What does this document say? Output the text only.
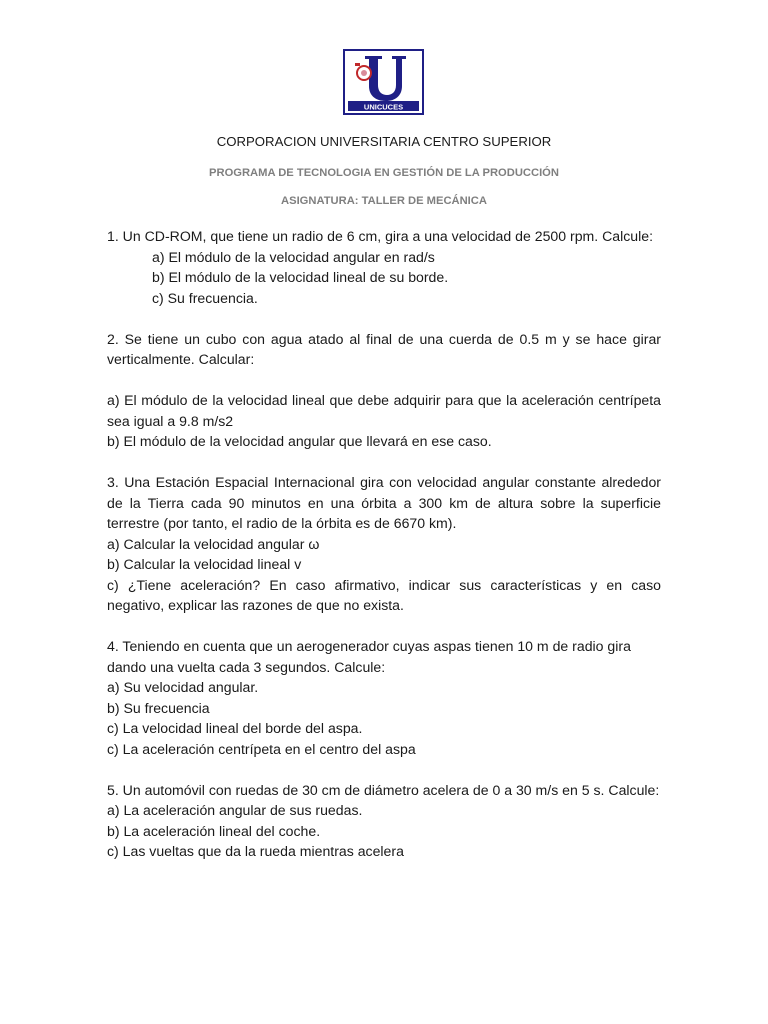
UNICUCES
CORPORACION UNIVERSITARIA CENTRO SUPERIOR
PROGRAMA DE TECNOLOGIA EN GESTIÓN DE LA PRODUCCIÓN
ASIGNATURA: TALLER DE MECÁNICA

1. Un CD-ROM, que tiene un radio de 6 cm, gira a una velocidad de 2500 rpm. Calcule:

a) El módulo de la velocidad angular en rad/s

b) El módulo de la velocidad lineal de su borde.

c) Su frecuencia.

2. Se tiene un cubo con agua atado al final de una cuerda de 0.5 m y se hace girar verticalmente. Calcular:

a) El módulo de la velocidad lineal que debe adquirir para que la aceleración centrípeta sea igual a 9.8 m/s2

b) El módulo de la velocidad angular que llevará en ese caso.

3. Una Estación Espacial Internacional gira con velocidad angular constante alrededor de la Tierra cada 90 minutos en una órbita a 300 km de altura sobre la superficie terrestre (por tanto, el radio de la órbita es de 6670 km).

a) Calcular la velocidad angular ω

b) Calcular la velocidad lineal v

c) ¿Tiene aceleración? En caso afirmativo, indicar sus características y en caso negativo, explicar las razones de que no exista.

4. Teniendo en cuenta que un aerogenerador cuyas aspas tienen 10 m de radio gira

dando una vuelta cada 3 segundos. Calcule:

a) Su velocidad angular.

b) Su frecuencia

c) La velocidad lineal del borde del aspa.

c) La aceleración centrípeta en el centro del aspa

5. Un automóvil con ruedas de 30 cm de diámetro acelera de 0 a 30 m/s en 5 s. Calcule:

a) La aceleración angular de sus ruedas.

b) La aceleración lineal del coche.

c) Las vueltas que da la rueda mientras acelera
